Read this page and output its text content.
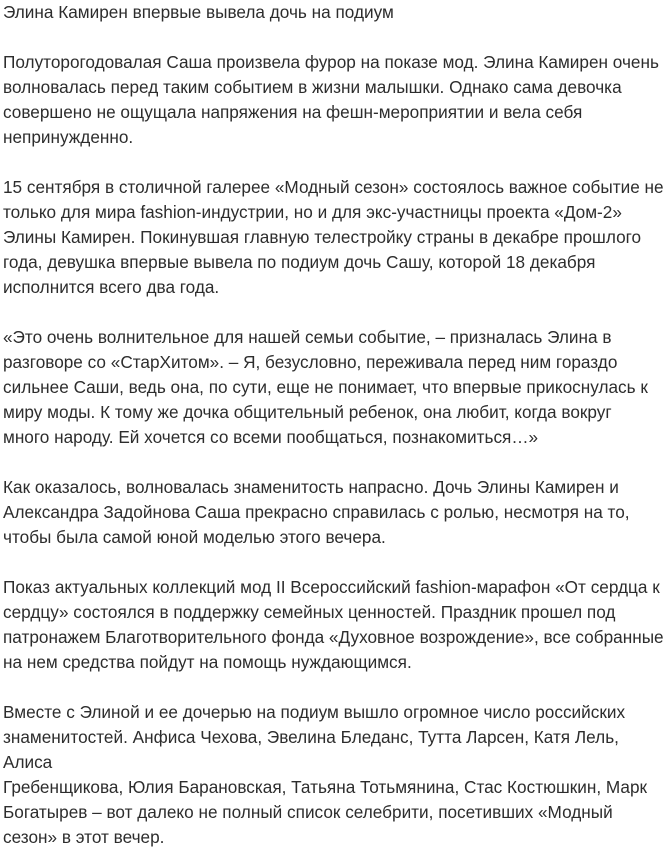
Элина Камирен впервые вывела дочь на подиум

Полуторогодовалая Саша произвела фурор на показе мод. Элина Камирен очень
волновалась перед таким событием в жизни малышки. Однако сама девочка
совершено не ощущала напряжения на фешн-мероприятии и вела себя
непринужденно.

15 сентября в столичной галерее «Модный сезон» состоялось важное событие не
только для мира fashion-индустрии, но и для экс-участницы проекта «Дом-2»
Элины Камирен. Покинувшая главную телестройку страны в декабре прошлого
года, девушка впервые вывела по подиум дочь Сашу, которой 18 декабря
исполнится всего два года.

«Это очень волнительное для нашей семьи событие, – призналась Элина в
разговоре со «СтарХитом». – Я, безусловно, переживала перед ним гораздо
сильнее Саши, ведь она, по сути, еще не понимает, что впервые прикоснулась к
миру моды. К тому же дочка общительный ребенок, она любит, когда вокруг
много народу. Ей хочется со всеми пообщаться, познакомиться…»

Как оказалось, волновалась знаменитость напрасно. Дочь Элины Камирен и
Александра Задойнова Саша прекрасно справилась с ролью, несмотря на то,
чтобы была самой юной моделью этого вечера.

Показ актуальных коллекций мод II Всероссийский fashion-марафон «От сердца к
сердцу» состоялся в поддержку семейных ценностей. Праздник прошел под
патронажем Благотворительного фонда «Духовное возрождение», все собранные
на нем средства пойдут на помощь нуждающимся.

Вместе с Элиной и ее дочерью на подиум вышло огромное число российских
знаменитостей. Анфиса Чехова, Эвелина Бледанс, Тутта Ларсен, Катя Лель, Алиса
Гребенщикова, Юлия Барановская, Татьяна Тотьмянина, Стас Костюшкин, Марк
Богатырев – вот далеко не полный список селебрити, посетивших «Модный
сезон» в этот вечер.
